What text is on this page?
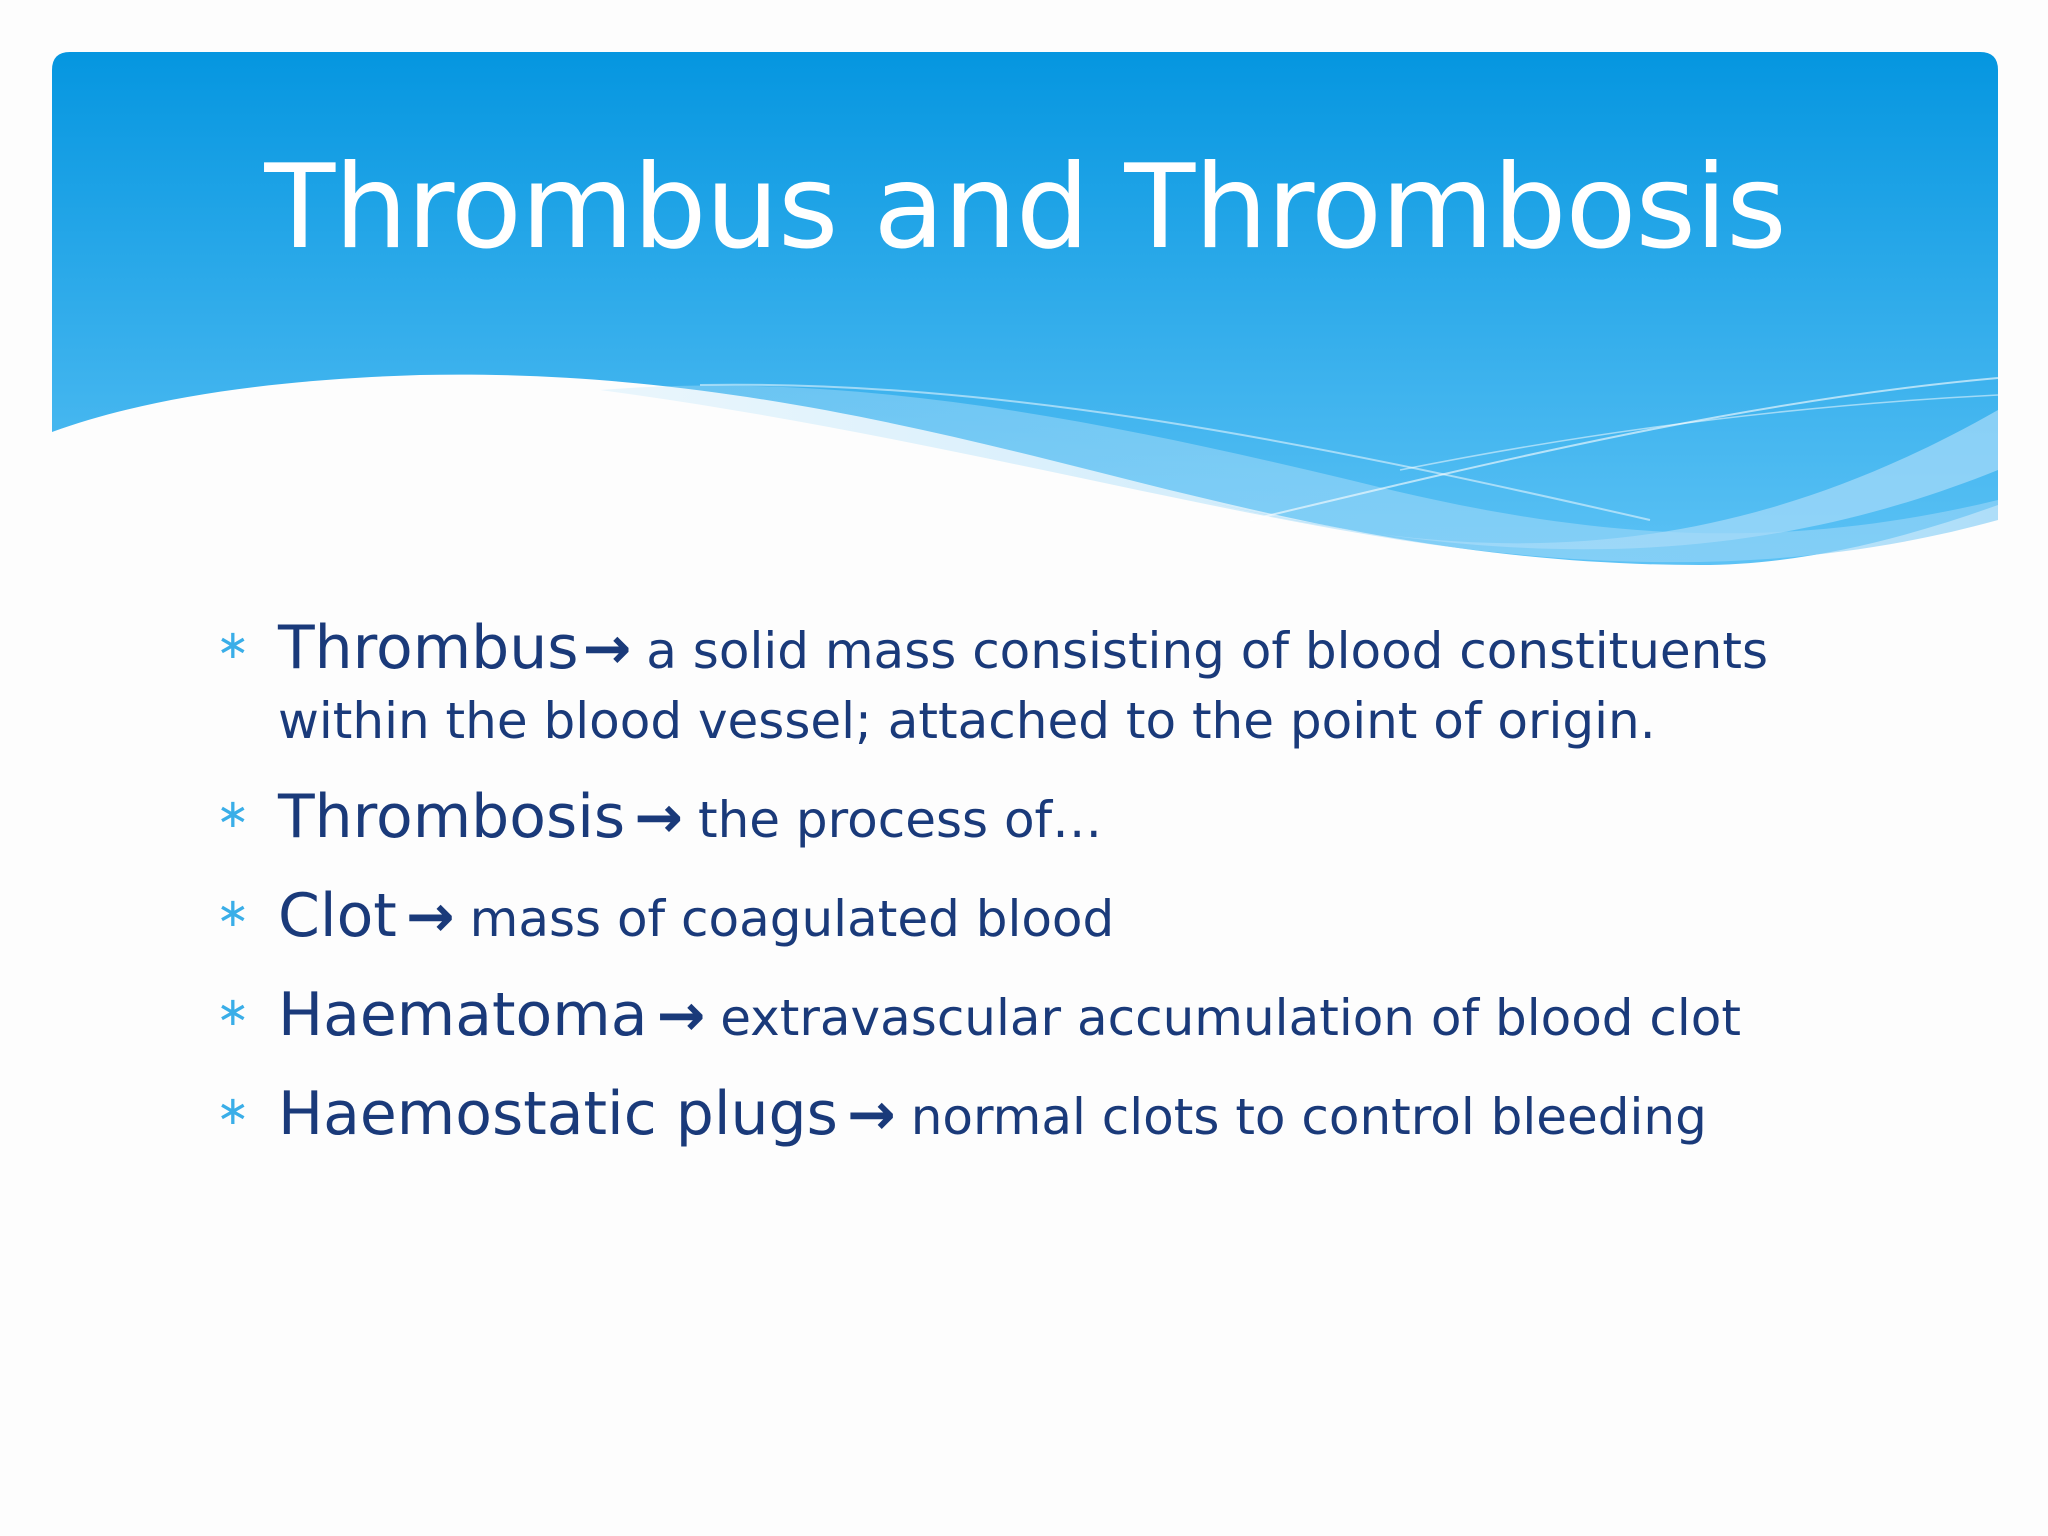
Thrombus and Thrombosis
∗ Thrombus→ a solid mass consisting of blood constituents within the blood vessel; attached to the point of origin.
∗ Thrombosis → the process of…
∗ Clot → mass of coagulated blood
∗ Haematoma → extravascular accumulation of blood clot
∗ Haemostatic plugs → normal clots to control bleeding
